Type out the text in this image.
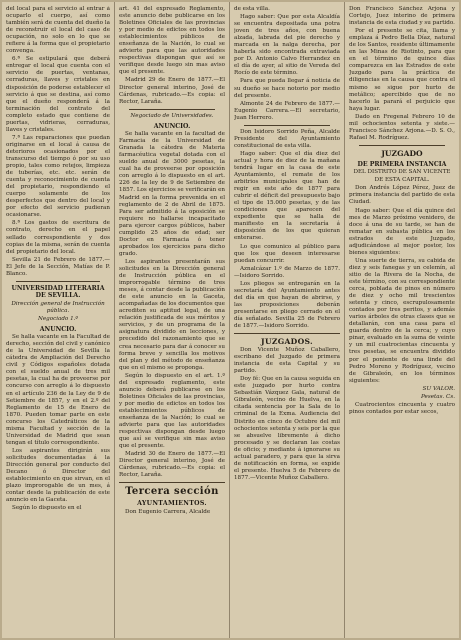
del local para el servicio al entrar á ocuparlo el cuerpo, así como también será de cuenta del dueño la de reconstruir el local del caso de ocupación, no solo en lo que se refiere á la forma que el propietario convenga.

6.ª Se estipulará que deberá entregar el local que cuenta con el servicio de puertas, ventanas, cerraduras, llaves y cristales en disposición de poderse establecer el servicio á que se destina, así como que el dueño responderá á la terminación del contrato del completo estado que contiene de puertas, vidrieras, cerraduras, llaves y cristales.

7.ª Las reparaciones que puedan originarse en el local á causa de deterioros ocasionados por el transcurso del tiempo ó por su uso propio, tales como retejos, limpieza de tuberías, etc. etc. serán de cuenta y reconocimiento de cuenta del propietario, respondiendo el cuerpo solamente de los desperfectos que dentro del local y por efecto del servicio pudieran ocasionarse.

8.ª Los gastos de escritura de contrato, derecho en el papel sellado correspondiente y dos copias de la misma, serán de cuenta del propietario del local.

Sevilla 21 de Febrero de 1877.—El Jefe de la Sección, Matías de P. Blanco.

UNIVERSIDAD LITERARIA DE SEVILLA.

Dirección general de Instrucción pública.

Negociado 1.º

ANUNCIO.

Se halla vacante en la Facultad de derecho, sección del civil y canónico de la Universidad de Sevilla la cátedra de Ampliación del Derecho civil y Códigos españoles dotada con el sueldo anual de tres mil pesetas, la cual ha de proveerse por concurso con arreglo á lo dispuesto en el artículo 236 de la Ley de 9 de Setiembre de 1857, y en el 2.º del Reglamento de 15 de Enero de 1870. Pueden tomar parte en este concurso los Catedráticos de la misma Facultad y sección de la Universidad de Madrid que sean tengan el título correspondiente.

Los aspirantes dirigirán sus solicitudes documentadas á la Dirección general por conducto del Decano ó Director del establecimiento en que sirvan, en el plazo improrogable de un mes, á contar desde la publicación de este anuncio en la Gaceta.

Según lo dispuesto en el

art. 41 del expresado Reglamento, este anuncio debe publicarse en los Boletines Oficiales de las provincias y por medio de edictos en todos los establecimientos públicos de enseñanza de la Nación, lo cual se advierte para que las autoridades respectivas dispongan que así se verifique desde luego sin mas aviso que el presente.

Madrid 29 de Enero de 1877.—El Director general interino, José de Cárdenas, rubricado.—Es copia: el Rector, Laraña.

Negociado de Universidades.

ANUNCIO.

Se halla vacante en la facultad de Farmacia de la Universidad de Granada la cátedra de Materia farmacéutica vegetal dotada con el sueldo anual de 3000 pesetas, la cual ha de proveerse por oposición con arreglo á lo dispuesto en el art. 226 de la ley de 9 de Setiembre de 1857. Los ejercicios se verificarán en Madrid en la forma prevenida en el reglamento de 2 de Abril de 1875. Para ser admitido á la oposición se requiere no hallarse incapacitado para ejercer cargos públicos, haber cumplido 25 años de edad; ser Doctor en Farmacia ó tener aprobados los ejercicios para dicho grado.

Los aspirantes presentarán sus solicitudes en la Dirección general de Instrucción pública en el improrrogable término de tres meses, á contar desde la publicación de este anuncio en la Gaceta, acompañadas de los documentos que acrediten su aptitud legal, de una relación justificada de sus méritos y servicios, y de un programa de la asignatura dividido en lecciones, y precedido del razonamiento que se crea necesario para dar á conocer su forma breve y sencilla los motivos del plan y del método de enseñanza que en el mismo se proponga.

Según lo dispuesto en el art. 1.º del expresado reglamento, este anuncio deberá publicarse en los Boletines Oficiales de las provincias, y por medio de edictos en todos los establecimientos públicos de enseñanza de la Nación; lo cual se advierte para que las autoridades respectivas dispongan desde luego que así se verifique sin mas aviso que el presente.

Madrid 30 de Enero de 1877.—El Director general interino, José de Cárdenas, rubricado.—Es copia: el Rector, Laraña.

Tercera sección

AYUNTAMIENTOS.

Don Eugenio Carrera, Alcalde

de esta villa.

Hago saber: Que por esta Alcaldía se encuentra depositada una potra joven de tres años, con buena alzada, labrada del pie derecho y marcada en la nalga derecha, por haberla sido encontrada extraviada por D. Antonio Calvo Herrandez en el día de ayer, al sitio de Vereda del Rocío de este término.

Para que pueda llegar á noticia de su dueño se hace notorio por medio del presente.

Almonte 24 de Febrero de 1877.—Eugenio Carrera.—El secretario, Juan Herrero.

Don Isidoro Sorrido Peña, Alcalde Presidente del Ayuntamiento constitucional de esta villa.

Hago saber: Que el día diez del actual y hora de diez de la mañana tendrá lugar en la casa de este Ayuntamiento, el remate de los arbitrios municipales que han de regir en este año de 1877 para cubrir el déficit del presupuesto bajo el tipo de 15.000 pesetas, y de las condiciones que aparecen del expediente que se halla de manifiesto en la secretaría á disposición de los que quieran enterarse.

Lo que comunico al público para que los que deseen interesarse puedan concurrir.

Aznalcázar 1.º de Marzo de 1877.—Isidoro Sorrido.

Los pliegos se entregarán en la secretaría del Ayuntamiento antes del día en que hayan de abrirse, y las proposiciones deberán presentarse en pliego cerrado en el día señalado. Sevilla 25 de Febrero de 1877.—Isidoro Sorrido.

JUZGADOS.

Don Vicente Muñoz Caballero, escribano del Juzgado de primera instancia de esta Capital y su partido.

Doy fé: Que en la causa seguida en este juzgado por hurto contra Sebastián Vázquez Gala, natural de Gibraleón, vecino de Huelva, en la citada sentencia por la Sala de lo criminal de la Exma. Audiencia del Distrito en cinco de Octubre del mil ochocientos setenta y seis por la que se absuelve libremente á dicho procesado y se declaran las costas de oficio; y mediante á ignorarse su actual paradero, y para que la sirva de notificación en forma, se expide el presente. Huelva 5 de Febrero de 1877.—Vicente Muñoz Caballero.

Don Francisco Sánchez Arjona y Cortejo, Juez interino de primera instancia de esta ciudad y su partido.

Por el presente se cita, llama y emplaza á Pedro Bella Díaz, natural de los Santos, residente últimamente en las Minas de Riotinto, para que en el término de quince días comparezca en las Estrados de este Juzgado para la práctica de diligencias en la causa que contra el mismo se sigue por hurto de metálico; apercibido que de no hacerlo la parará el perjuicio que haya lugar.

Dado en Fregenal Febrero 10 de mil ochocientos setenta y siete.—Francisco Sánchez Arjona.—D. S. O., Rafael M. Rodríguez.

JUZGADO

DE PRIMERA INSTANCIA

DEL DISTRITO DE SAN VICENTE

DE ESTA CAPITAL.

Don Andrés López Pérez, Juez de primera instancia del partido de esta Ciudad.

Hago saber: Que el día quince del mes de Marzo próximo venidero, de doce á una de su tarde, se han de rematar en subasta pública en los estrados de este Juzgado, adjudicándose al mejor postor, los bienes siguientes:

Una suerte de tierra, su cabida de diez y seis fanegas y un celemín, al sitio de la Rivera de la Nocha, de este término, con su correspondiente cerca, poblada de pinos en número de diez y ocho mil trescientos setenta y cinco, escrupulosamente contados por tres peritos, y además varios árboles de otras clases que se detallarán, con una casa para el guarda dentro de la cerca; y cuyo pinar, evaluado en la suma de veinte y un mil cuatrocientas cincuenta y tres pesetas, se encuentra dividido por el poniente de una linde del Pedro Moreno y Rodríguez, vecino de Gibraleón, en los términos siguientes:

SU VALOR.

Pesetas. Cs.

Cuatrocientos cincuenta y cuatro pinos contados por estar secos,
